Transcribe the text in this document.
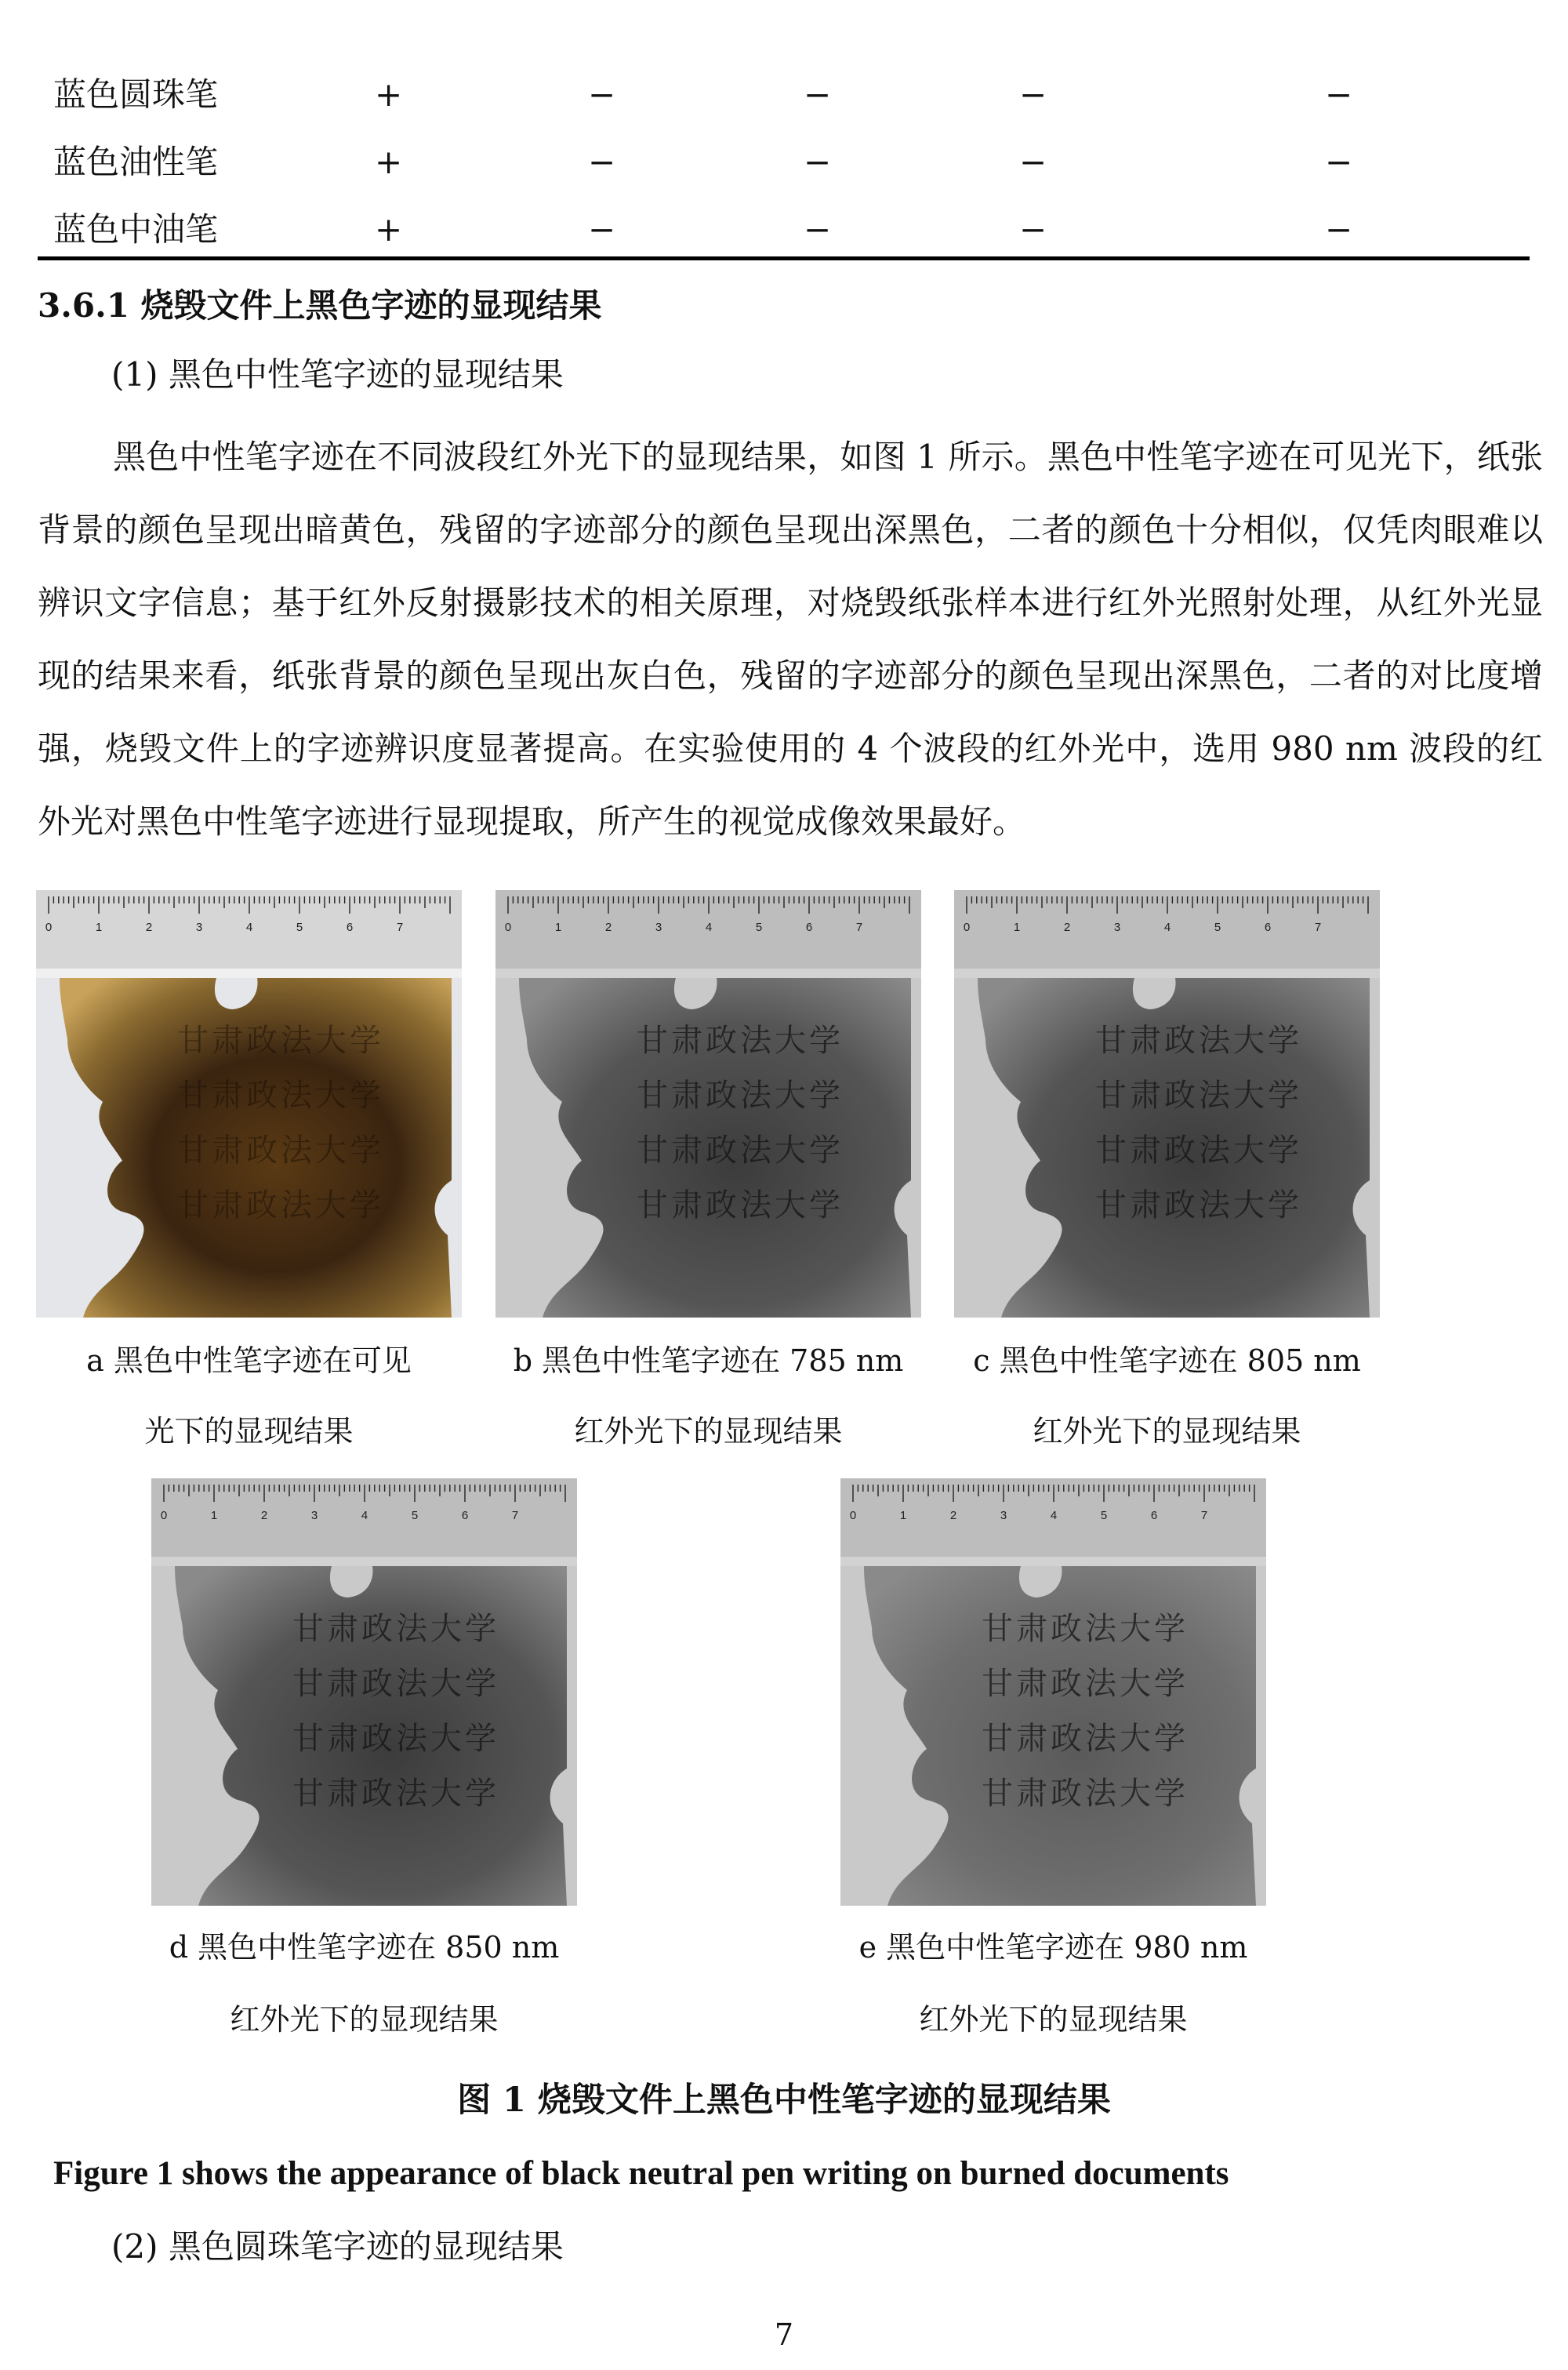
蓝色圆珠笔	+	−	−	−	−
蓝色油性笔	+	−	−	−	−
蓝色中油笔	+	−	−	−	−
3.6.1 烧毁文件上黑色字迹的显现结果
(1) 黑色中性笔字迹的显现结果
黑色中性笔字迹在不同波段红外光下的显现结果，如图 1 所示。黑色中性笔字迹在可见光下，纸张背景的颜色呈现出暗黄色，残留的字迹部分的颜色呈现出深黑色，二者的颜色十分相似，仅凭肉眼难以辨识文字信息；基于红外反射摄影技术的相关原理，对烧毁纸张样本进行红外光照射处理，从红外光显现的结果来看，纸张背景的颜色呈现出灰白色，残留的字迹部分的颜色呈现出深黑色，二者的对比度增强，烧毁文件上的字迹辨识度显著提高。在实验使用的 4 个波段的红外光中，选用 980 nm 波段的红外光对黑色中性笔字迹进行显现提取，所产生的视觉成像效果最好。
0	1	2	3	4	5	6	7
甘肃政法大学
甘肃政法大学
甘肃政法大学
甘肃政法大学
0	1	2	3	4	5	6	7
甘肃政法大学
甘肃政法大学
甘肃政法大学
甘肃政法大学
0	1	2	3	4	5	6	7
甘肃政法大学
甘肃政法大学
甘肃政法大学
甘肃政法大学
0	1	2	3	4	5	6	7
甘肃政法大学
甘肃政法大学
甘肃政法大学
甘肃政法大学
0	1	2	3	4	5	6	7
甘肃政法大学
甘肃政法大学
甘肃政法大学
甘肃政法大学
a 黑色中性笔字迹在可见
光下的显现结果
b 黑色中性笔字迹在 785 nm
红外光下的显现结果
c 黑色中性笔字迹在 805 nm
红外光下的显现结果
d 黑色中性笔字迹在 850 nm
红外光下的显现结果
e 黑色中性笔字迹在 980 nm
红外光下的显现结果
图 1 烧毁文件上黑色中性笔字迹的显现结果
Figure 1 shows the appearance of black neutral pen writing on burned documents
(2) 黑色圆珠笔字迹的显现结果
7
